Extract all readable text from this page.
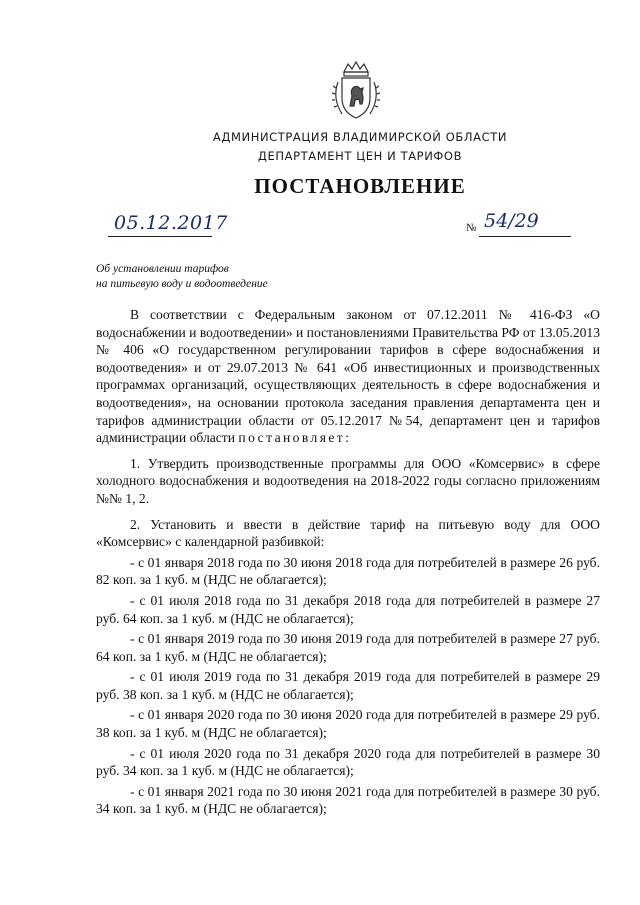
АДМИНИСТРАЦИЯ ВЛАДИМИРСКОЙ ОБЛАСТИ
ДЕПАРТАМЕНТ ЦЕН И ТАРИФОВ
ПОСТАНОВЛЕНИЕ
05.12.2017	№ 54/29
Об установлении тарифов
на питьевую воду и водоотведение

В соответствии с Федеральным законом от 07.12.2011 № 416-ФЗ «О водоснабжении и водоотведении» и постановлениями Правительства РФ от 13.05.2013 № 406 «О государственном регулировании тарифов в сфере водоснабжения и водоотведения» и от 29.07.2013 № 641 «Об инвестиционных и производственных программах организаций, осуществляющих деятельность в сфере водоснабжения и водоотведения», на основании протокола заседания правления департамента цен и тарифов администрации области от 05.12.2017 №54, департамент цен и тарифов администрации области постановляет:

1. Утвердить производственные программы для ООО «Комсервис» в сфере холодного водоснабжения и водоотведения на 2018-2022 годы согласно приложениям №№ 1, 2.

2. Установить и ввести в действие тариф на питьевую воду для ООО «Комсервис» с календарной разбивкой:

- с 01 января 2018 года по 30 июня 2018 года для потребителей в размере 26 руб. 82 коп. за 1 куб. м (НДС не облагается);

- с 01 июля 2018 года по 31 декабря 2018 года для потребителей в размере 27 руб. 64 коп. за 1 куб. м (НДС не облагается);

- с 01 января 2019 года по 30 июня 2019 года для потребителей в размере 27 руб. 64 коп. за 1 куб. м (НДС не облагается);

- с 01 июля 2019 года по 31 декабря 2019 года для потребителей в размере 29 руб. 38 коп. за 1 куб. м (НДС не облагается);

- с 01 января 2020 года по 30 июня 2020 года для потребителей в размере 29 руб. 38 коп. за 1 куб. м (НДС не облагается);

- с 01 июля 2020 года по 31 декабря 2020 года для потребителей в размере 30 руб. 34 коп. за 1 куб. м (НДС не облагается);

- с 01 января 2021 года по 30 июня 2021 года для потребителей в размере 30 руб. 34 коп. за 1 куб. м (НДС не облагается);
